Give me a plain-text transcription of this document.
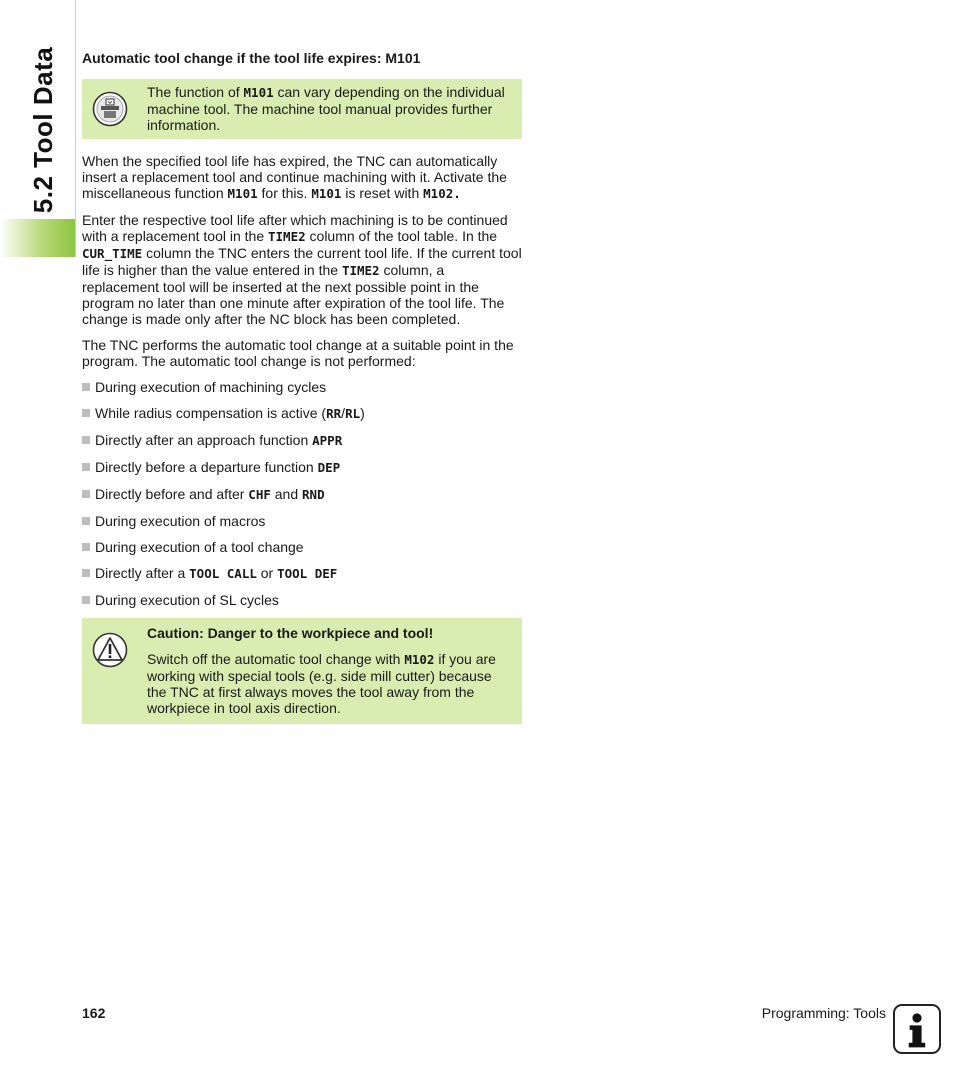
5.2 Tool Data Automatic tool change if the tool life expires: M101

The function of M101 can vary depending on the individual machine tool. The machine tool manual provides further information.

When the specified tool life has expired, the TNC can automatically insert a replacement tool and continue machining with it. Activate the miscellaneous function M101 for this. M101 is reset with M102.

Enter the respective tool life after which machining is to be continued with a replacement tool in the TIME2 column of the tool table. In the CUR_TIME column the TNC enters the current tool life. If the current tool life is higher than the value entered in the TIME2 column, a replacement tool will be inserted at the next possible point in the program no later than one minute after expiration of the tool life. The change is made only after the NC block has been completed.

The TNC performs the automatic tool change at a suitable point in the program. The automatic tool change is not performed:

During execution of machining cycles
While radius compensation is active (RR/RL)
Directly after an approach function APPR
Directly before a departure function DEP
Directly before and after CHF and RND
During execution of macros
During execution of a tool change
Directly after a TOOL CALL or TOOL DEF
During execution of SL cycles
Caution: Danger to the workpiece and tool!

Switch off the automatic tool change with M102 if you are working with special tools (e.g. side mill cutter) because the TNC at first always moves the tool away from the workpiece in tool axis direction.

162	Programming: Tools
